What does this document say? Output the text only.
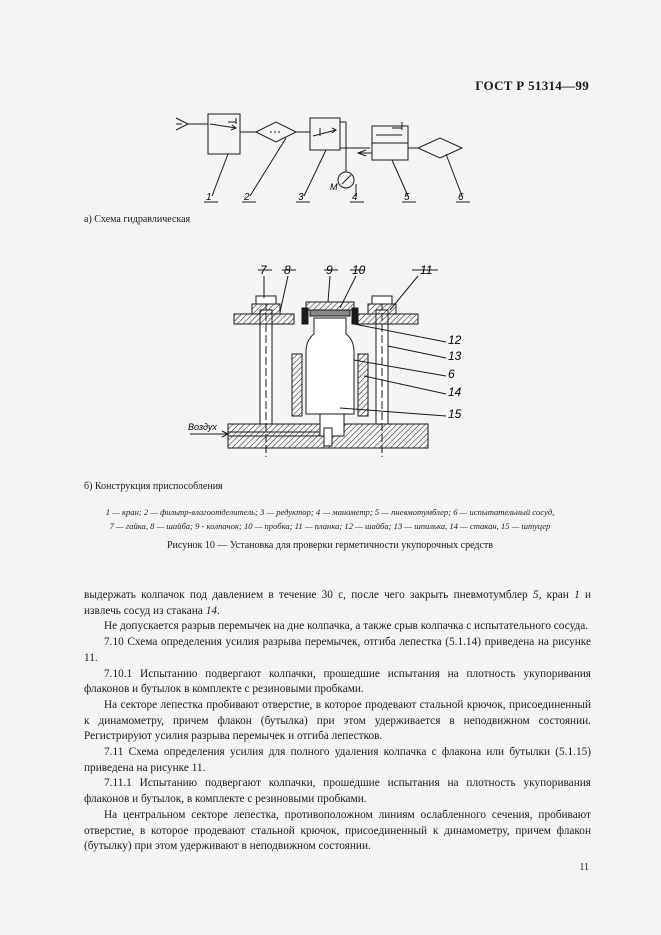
ГОСТ Р 51314—99
M
1	2	3	4	5	6
а) Схема гидравлическая
7 8	9 10	11
12
13
6
14
15
Воздух
б) Конструкция приспособления
1 — кран; 2 — фильтр-влагоотделитель; 3 — редуктор; 4 — манометр; 5 — пневмотумблер; 6 — испытательный сосуд,
7 — гайка, 8 — шайба; 9 - колпачок; 10 — пробка; 11 — планка; 12 — шайба; 13 — шпилька, 14 — стакан, 15 — штуцер
Рисунок 10 — Установка для проверки герметичности укупорочных средств

выдержать колпачок под давлением в течение 30 с, после чего закрыть пневмотумблер 5, кран 1 и извлечь сосуд из стакана 14.

Не допускается разрыв перемычек на дне колпачка, а также срыв колпачка с испытательного сосуда.

7.10 Схема определения усилия разрыва перемычек, отгиба лепестка (5.1.14) приведена на рисунке 11.

7.10.1 Испытанию подвергают колпачки, прошедшие испытания на плотность укупоривания флаконов и бутылок в комплекте с резиновыми пробками.

На секторе лепестка пробивают отверстие, в которое продевают стальной крючок, присоединенный к динамометру, причем флакон (бутылка) при этом удерживается в неподвижном состоянии. Регистрируют усилия разрыва перемычек и отгиба лепестков.

7.11 Схема определения усилия для полного удаления колпачка с флакона или бутылки (5.1.15) приведена на рисунке 11.

7.11.1 Испытанию подвергают колпачки, прошедшие испытания на плотность укупоривания флаконов и бутылок, в комплекте с резиновыми пробками.

На центральном секторе лепестка, противоположном линиям ослабленного сечения, пробивают отверстие, в которое продевают стальной крючок, присоединенный к динамометру, причем флакон (бутылку) при этом удерживают в неподвижном состоянии.

11
